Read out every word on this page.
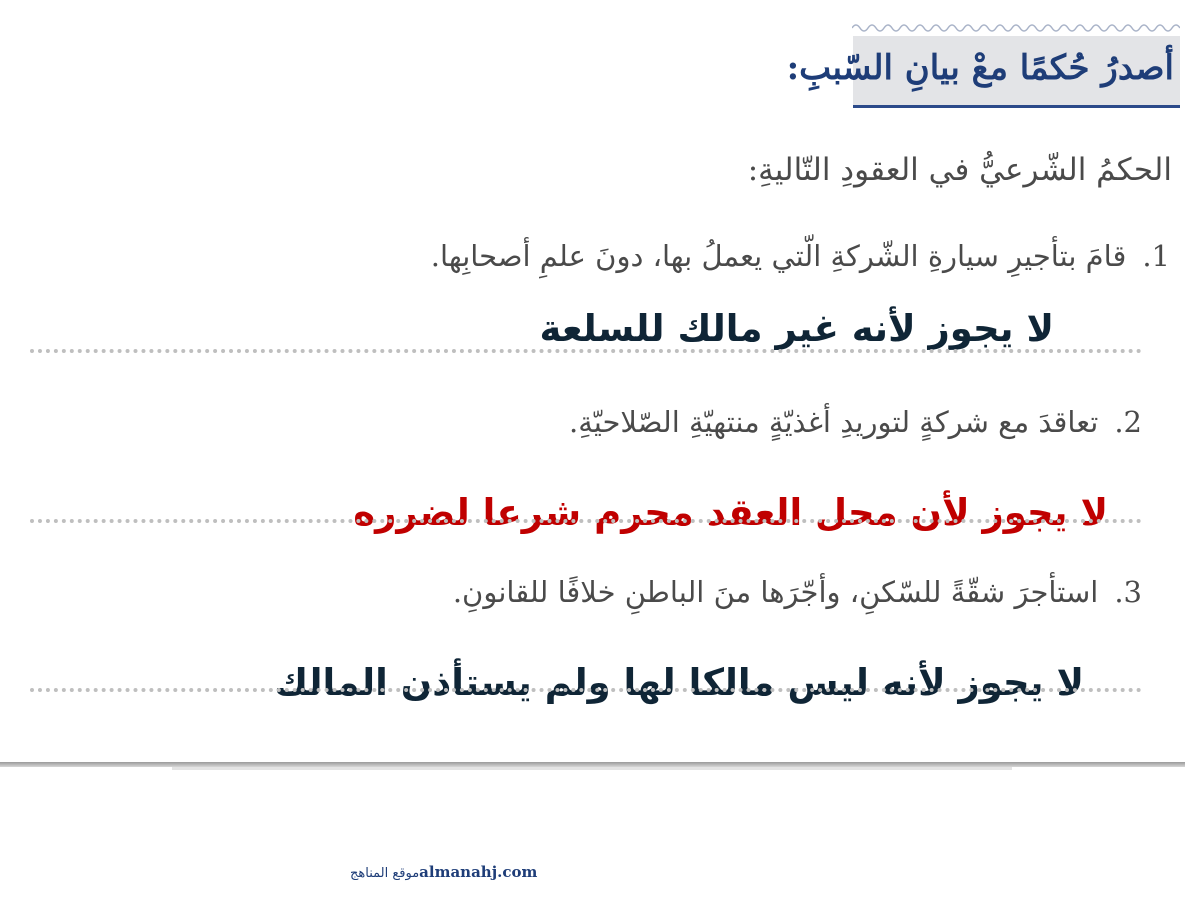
أصدرُ حُكمًا معْ بيانِ السّببِ:
الحكمُ الشّرعيُّ في العقودِ التّاليةِ:
1.قامَ بتأجيرِ سيارةِ الشّركةِ الّتي يعملُ بها، دونَ علمِ أصحابِها.
لا يجوز لأنه غير مالك للسلعة
2.تعاقدَ مع شركةٍ لتوريدِ أغذيّةٍ منتهيّةِ الصّلاحيّةِ.
لا يجوز لأن محل العقد محرم شرعا لضرره
3.استأجرَ شقّةً للسّكنِ، وأجّرَها منَ الباطنِ خلافًا للقانونِ.
لا يجوز لأنه ليس مالكا لها ولم يستأذن المالك
موقع المناهجalmanahj.com
